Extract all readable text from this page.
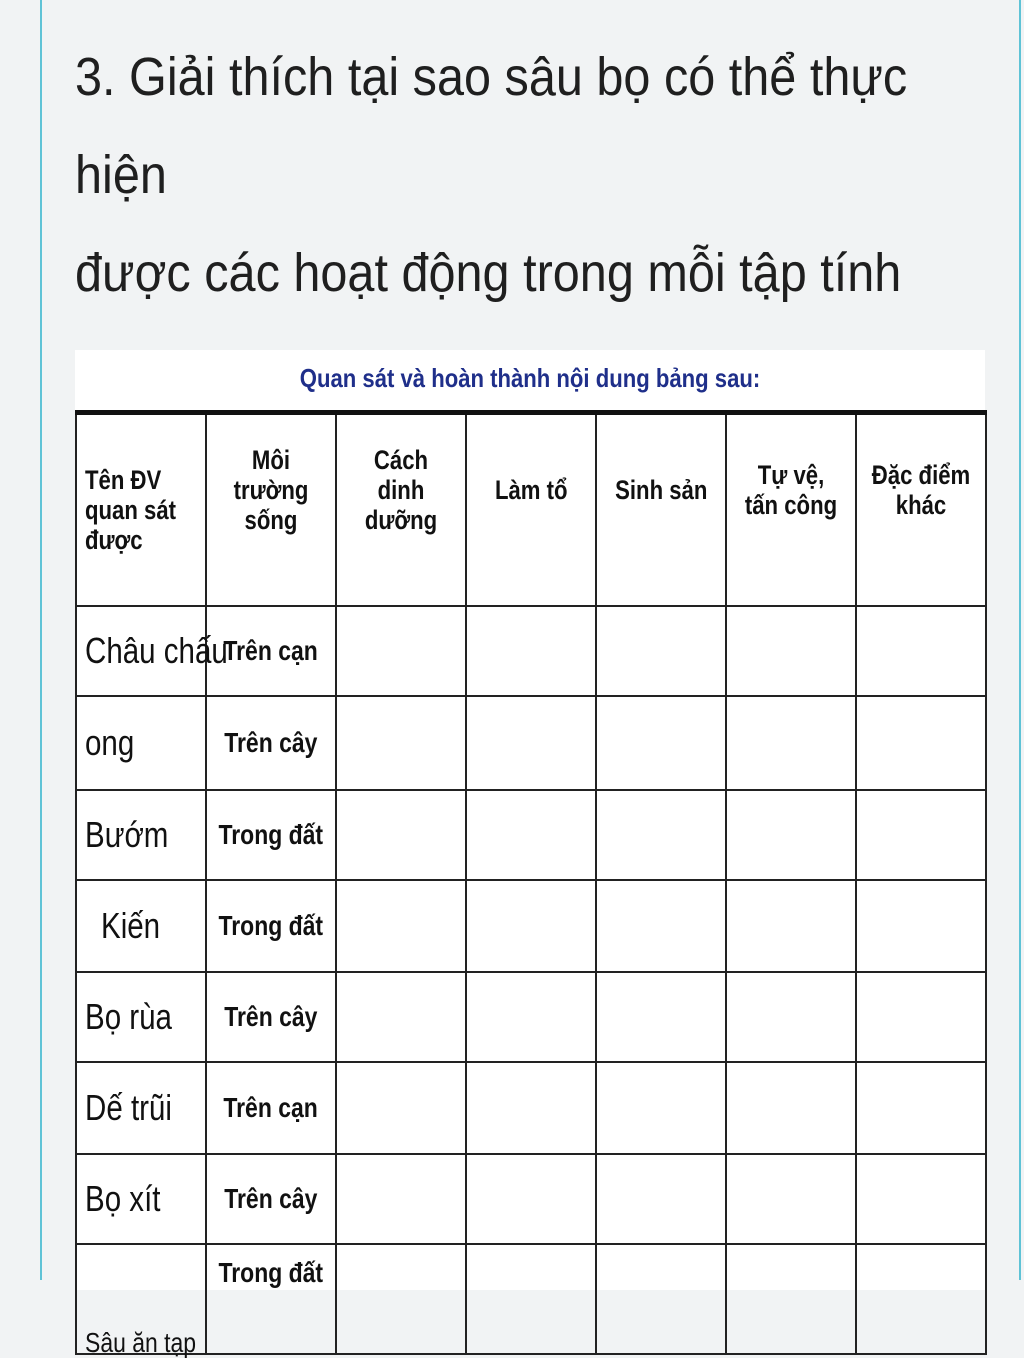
3. Giải thích tại sao sâu bọ có thể thực hiện
được các hoạt động trong mỗi tập tính
Quan sát và hoàn thành nội dung bảng sau:
Tên ĐV quan sát được	Môi trường sống	Cách dinh dưỡng	Làm tổ	Sinh sản	Tự vệ, tấn công	Đặc điểm khác
Châu chấu	Trên cạn					
ong	Trên cây					
Bướm	Trong đất					
Kiến	Trong đất					
Bọ rùa	Trên cây					
Dế trũi	Trên cạn					
Bọ xít	Trên cây					
Sâu ăn tạp	Trong đất					
